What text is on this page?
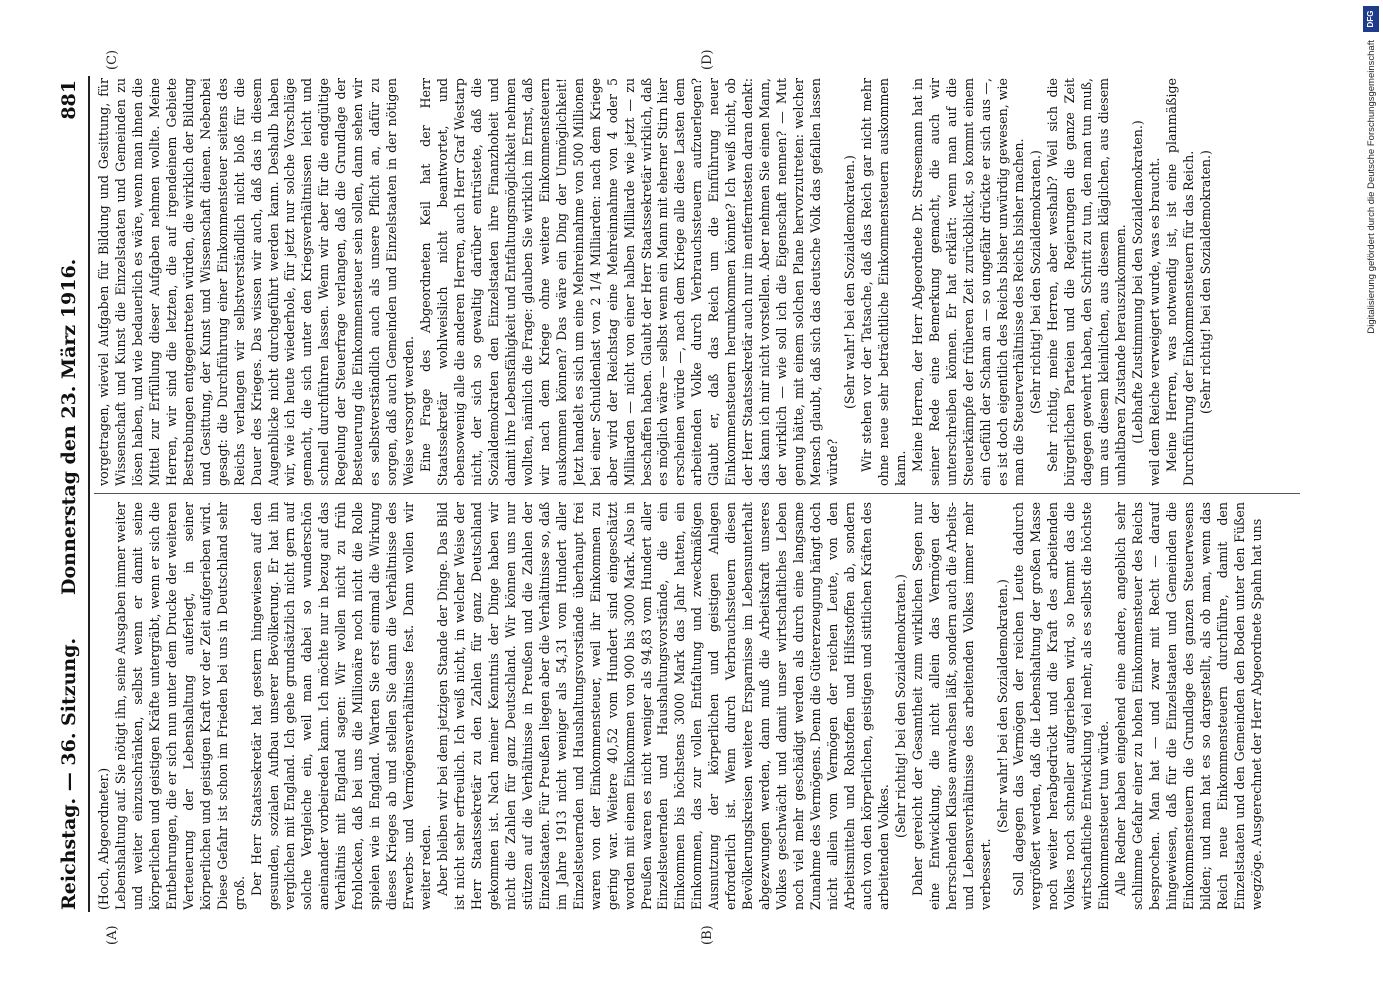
Reichstag. — 36. Sitzung.
Donnerstag den 23. März 1916.
881
(A)	(B)
(C)	(D)

(Hoch, Abgeordneter.) Lebenshaltung auf. Sie nötigt ihn, seine Ausgaben immer weiter und weiter einzuschränken, selbst wenn er damit seine körperlichen und geistigen Kräfte untergräbt, wenn er sich die Entbehrungen, die er sich nun unter dem Drucke der weiteren Verteuerung der Lebenshaltung auferlegt, in seiner körperlichen und geistigen Kraft vor der Zeit aufgerieben wird. Diese Gefahr ist schon im Frieden bei uns in Deutschland sehr groß. Der Herr Staatssekretär hat gestern hingewiesen auf den gesunden, sozialen Aufbau unserer Bevölkerung. Er hat ihn verglichen mit England. Ich gehe grundsätzlich nicht gern auf solche Vergleiche ein, weil man dabei so wunderschön aneinander vorbeireden kann. Ich möchte nur in bezug auf das Verhältnis mit England sagen: Wir wollen nicht zu früh frohlocken, daß bei uns die Millionäre noch nicht die Rolle spielen wie in England. Warten Sie erst einmal die Wirkung dieses Krieges ab und stellen Sie dann die Verhältnisse des Erwerbs- und Vermögensverhältnisse fest. Dann wollen wir weiter reden. Aber bleiben wir bei dem jetzigen Stande der Dinge. Das Bild ist nicht sehr erfreulich. Ich weiß nicht, in welcher Weise der Herr Staatssekretär zu den Zahlen für ganz Deutschland gekommen ist. Nach meiner Kenntnis der Dinge haben wir nicht die Zahlen für ganz Deutschland. Wir können uns nur stützen auf die Verhältnisse in Preußen und die Zahlen der Einzelstaaten. Für Preußen liegen aber die Verhältnisse so, daß im Jahre 1913 nicht weniger als 54,31 vom Hundert aller Einzelsteuernden und Haushaltungsvorstände überhaupt frei waren von der Einkommensteuer, weil ihr Einkommen zu gering war. Weitere 40,52 vom Hundert sind eingeschätzt worden mit einem Einkommen von 900 bis 3000 Mark. Also in Preußen waren es nicht weniger als 94,83 vom Hundert aller Einzelsteuernden und Haushaltungsvorstände, die ein Einkommen bis höchstens 3000 Mark das Jahr hatten, ein Einkommen, das zur vollen Entfaltung und zweckmäßigen Ausnutzung der körperlichen und geistigen Anlagen erforderlich ist. Wenn durch Verbrauchssteuern diesen Bevölkerungskreisen weitere Ersparnisse im Lebensunterhalt abgezwungen werden, dann muß die Arbeitskraft unseres Volkes geschwächt und damit unser wirtschaftliches Leben noch viel mehr geschädigt werden als durch eine langsame Zunahme des Vermögens. Denn die Gütererzeugung hängt doch nicht allein vom Vermögen der reichen Leute, von den Arbeitsmitteln und Rohstoffen und Hilfsstoffen ab, sondern auch von den körperlichen, geistigen und sittlichen Kräften des arbeitenden Volkes.

(Sehr richtig! bei den Sozialdemokraten.) Daher gereicht der Gesamtheit zum wirklichen Segen nur eine Entwicklung, die nicht allein das Vermögen der herrschenden Klasse anwachsen läßt, sondern auch die Arbeits- und Lebensverhältnisse des arbeitenden Volkes immer mehr verbessert.

(Sehr wahr! bei den Sozialdemokraten.) Soll dagegen das Vermögen der reichen Leute dadurch vergrößert werden, daß die Lebenshaltung der großen Masse noch weiter herabgedrückt und die Kraft des arbeitenden Volkes noch schneller aufgerieben wird, so hemmt das die wirtschaftliche Entwicklung viel mehr, als es selbst die höchste Einkommensteuer tun würde. Alle Redner haben eingehend eine andere, angeblich sehr schlimme Gefahr einer zu hohen Einkommensteuer des Reichs besprochen. Man hat — und zwar mit Recht — darauf hingewiesen, daß für die Einzelstaaten und Gemeinden die Einkommensteuern die Grundlage des ganzen Steuerwesens bilden; und man hat es so dargestellt, als ob man, wenn das Reich neue Einkommensteuern durchführe, damit den Einzelstaaten und den Gemeinden den Boden unter den Füßen wegzöge. Ausgerechnet der Herr Abgeordnete Spahn hat uns

vorgetragen, wieviel Aufgaben für Bildung und Gesittung, für Wissenschaft und Kunst die Einzelstaaten und Gemeinden zu lösen haben, und wie bedauerlich es wäre, wenn man ihnen die Mittel zur Erfüllung dieser Aufgaben nehmen wollte. Meine Herren, wir sind die letzten, die auf irgendeinem Gebiete Bestrebungen entgegentreten würden, die wirklich der Bildung und Gesittung, der Kunst und Wissenschaft dienen. Nebenbei gesagt: die Durchführung einer Einkommensteuer seitens des Reichs verlangen wir selbstverständlich nicht bloß für die Dauer des Krieges. Das wissen wir auch, daß das in diesem Augenblicke nicht durchgeführt werden kann. Deshalb haben wir, wie ich heute wiederhole, für jetzt nur solche Vorschläge gemacht, die sich unter den Kriegsverhältnissen leicht und schnell durchführen lassen. Wenn wir aber für die endgültige Regelung der Steuerfrage verlangen, daß die Grundlage der Besteuerung die Einkommensteuer sein sollen, dann sehen wir es selbstverständlich auch als unsere Pflicht an, dafür zu sorgen, daß auch Gemeinden und Einzelstaaten in der nötigen Weise versorgt werden. Eine Frage des Abgeordneten Keil hat der Herr Staatssekretär wohlweislich nicht beantwortet, und ebensowenig alle die anderen Herren, auch Herr Graf Westarp nicht, der sich so gewaltig darüber entrüstete, daß die Sozialdemokraten den Einzelstaaten ihre Finanzhoheit und damit ihre Lebensfähigkeit und Entfaltungsmöglichkeit nehmen wollten, nämlich die Frage: glauben Sie wirklich im Ernst, daß wir nach dem Kriege ohne weitere Einkommensteuern auskommen können? Das wäre ein Ding der Unmöglichkeit! Jetzt handelt es sich um eine Mehreinnahme von 500 Millionen bei einer Schuldenlast von 2 1/4 Milliarden: nach dem Kriege aber wird der Reichstag eine Mehreinnahme von 4 oder 5 Milliarden — nicht von einer halben Milliarde wie jetzt — zu beschaffen haben. Glaubt der Herr Staatssekretär wirklich, daß es möglich wäre — selbst wenn ein Mann mit eherner Stirn hier erscheinen würde —, nach dem Kriege alle diese Lasten dem arbeitenden Volke durch Verbrauchssteuern aufzuerlegen? Glaubt er, daß das Reich um die Einführung neuer Einkommensteuern herumkommen könnte? Ich weiß nicht, ob der Herr Staatssekretär auch nur im entferntesten daran denkt: das kann ich mir nicht vorstellen. Aber nehmen Sie einen Mann, der wirklich — wie soll ich die Eigenschaft nennen? — Mut genug hätte, mit einem solchen Plane hervorzutreten: welcher Mensch glaubt, daß sich das deutsche Volk das gefallen lassen würde?

(Sehr wahr! bei den Sozialdemokraten.) Wir stehen vor der Tatsache, daß das Reich gar nicht mehr ohne neue sehr beträchtliche Einkommensteuern auskommen kann. Meine Herren, der Herr Abgeordnete Dr. Stresemann hat in seiner Rede eine Bemerkung gemacht, die auch wir unterschreiben können. Er hat erklärt: wenn man auf die Steuerkämpfe der früheren Zeit zurückblickt, so kommt einem ein Gefühl der Scham an — so ungefähr drückte er sich aus —, es ist doch eigentlich des Reichs bisher unwürdig gewesen, wie man die Steuerverhältnisse des Reichs bisher machen. (Sehr richtig! bei den Sozialdemokraten.) Sehr richtig, meine Herren, aber weshalb? Weil sich die bürgerlichen Parteien und die Regierungen die ganze Zeit dagegen gewehrt haben, den Schritt zu tun, den man tun muß, um aus diesem kleinlichen, aus diesem kläglichen, aus diesem unhaltbaren Zustande herauszukommen. (Lebhafte Zustimmung bei den Sozialdemokraten.) weil dem Reiche verweigert wurde, was es braucht. Meine Herren, was notwendig ist, ist eine planmäßige Durchführung der Einkommensteuern für das Reich. (Sehr richtig! bei den Sozialdemokraten.)	Digitalisierung gefördert durch die Deutsche Forschungsgemeinschaft
DFG
